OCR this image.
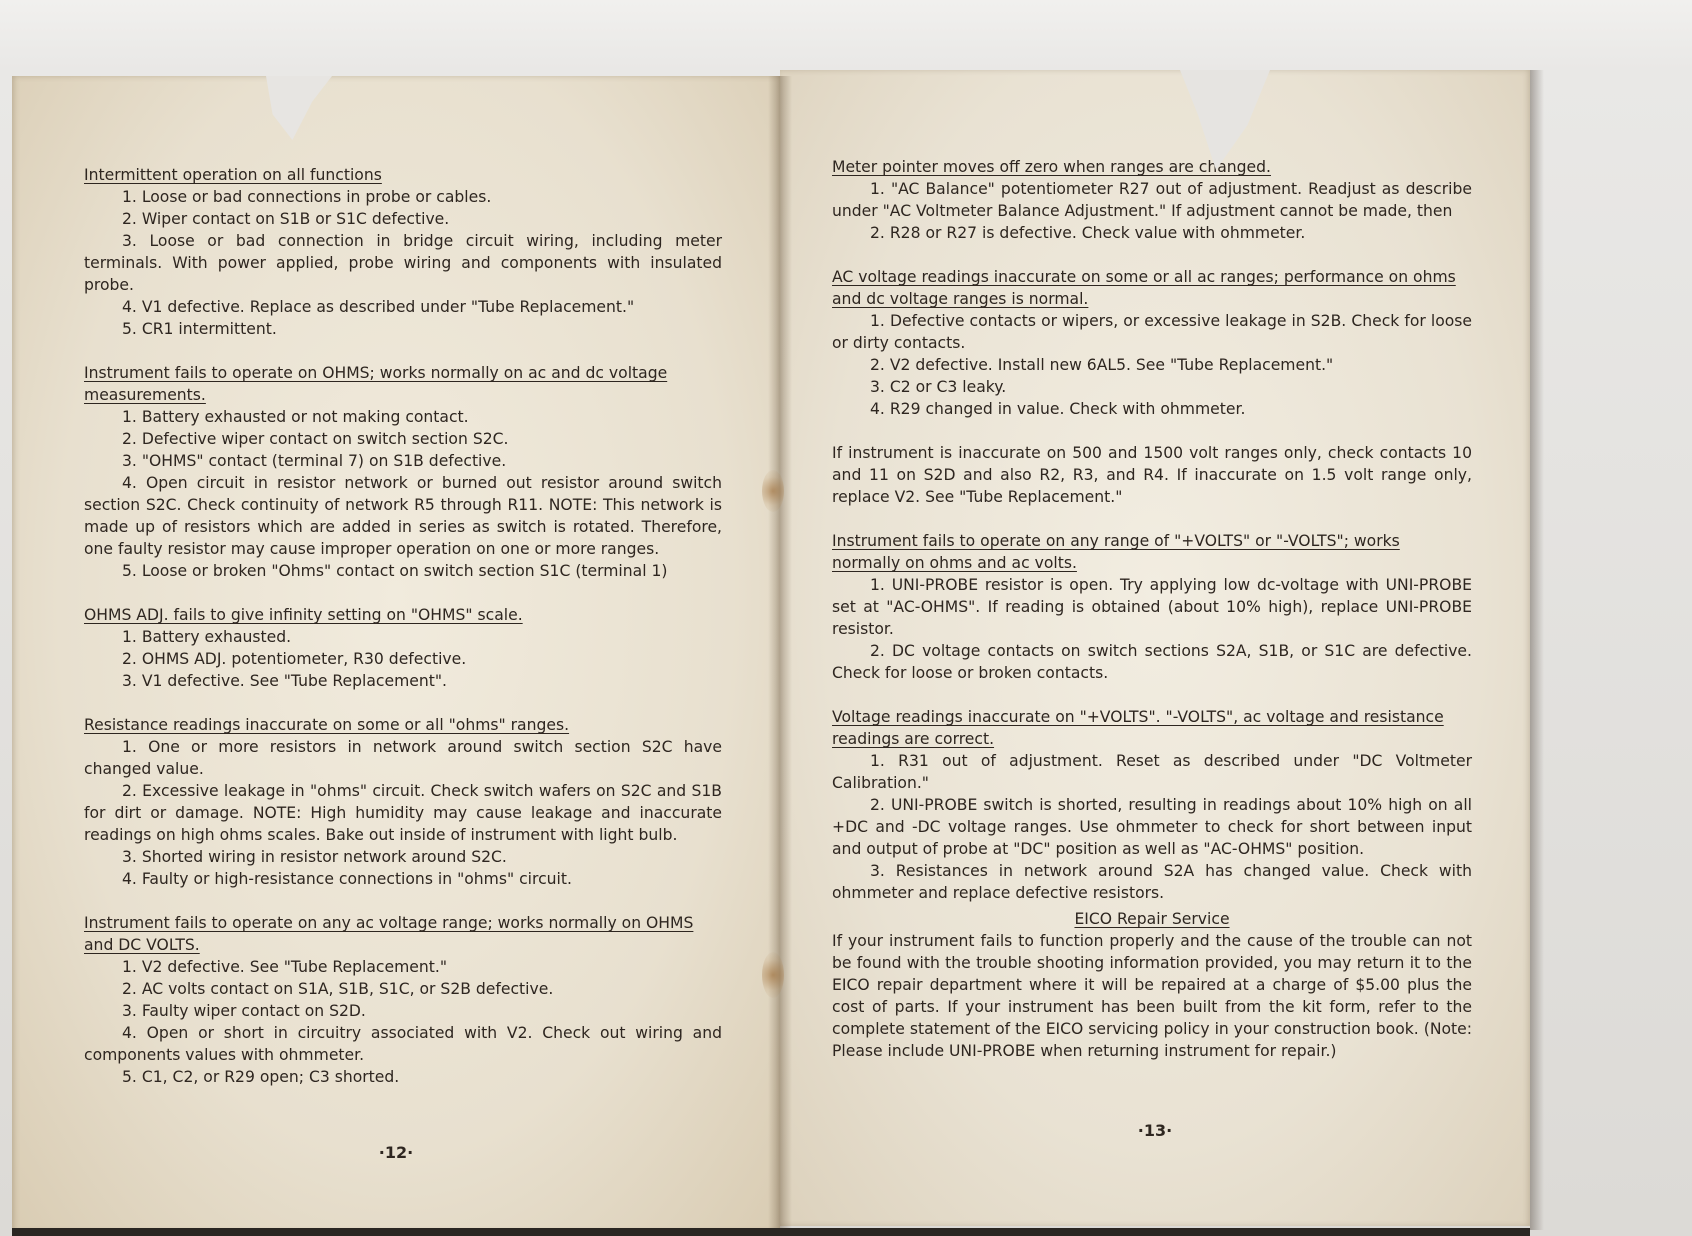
Intermittent operation on all functions

1. Loose or bad connections in probe or cables.

2. Wiper contact on S1B or S1C defective.

3. Loose or bad connection in bridge circuit wiring, including meter terminals. With power applied, probe wiring and components with insulated probe.

4. V1 defective. Replace as described under "Tube Replacement."

5. CR1 intermittent.

Instrument fails to operate on OHMS; works normally on ac and dc voltage measurements.

1. Battery exhausted or not making contact.

2. Defective wiper contact on switch section S2C.

3. "OHMS" contact (terminal 7) on S1B defective.

4. Open circuit in resistor network or burned out resistor around switch section S2C. Check continuity of network R5 through R11. NOTE: This network is made up of resistors which are added in series as switch is rotated. Therefore, one faulty resistor may cause improper operation on one or more ranges.

5. Loose or broken "Ohms" contact on switch section S1C (terminal 1)

OHMS ADJ. fails to give infinity setting on "OHMS" scale.

1. Battery exhausted.

2. OHMS ADJ. potentiometer, R30 defective.

3. V1 defective. See "Tube Replacement".

Resistance readings inaccurate on some or all "ohms" ranges.

1. One or more resistors in network around switch section S2C have changed value.

2. Excessive leakage in "ohms" circuit. Check switch wafers on S2C and S1B for dirt or damage. NOTE: High humidity may cause leakage and inaccurate readings on high ohms scales. Bake out inside of instrument with light bulb.

3. Shorted wiring in resistor network around S2C.

4. Faulty or high-resistance connections in "ohms" circuit.

Instrument fails to operate on any ac voltage range; works normally on OHMS and DC VOLTS.

1. V2 defective. See "Tube Replacement."

2. AC volts contact on S1A, S1B, S1C, or S2B defective.

3. Faulty wiper contact on S2D.

4. Open or short in circuitry associated with V2. Check out wiring and components values with ohmmeter.

5. C1, C2, or R29 open; C3 shorted.

·12·
Meter pointer moves off zero when ranges are changed.

1. "AC Balance" potentiometer R27 out of adjustment. Readjust as describe under "AC Voltmeter Balance Adjustment." If adjustment cannot be made, then

2. R28 or R27 is defective. Check value with ohmmeter.

AC voltage readings inaccurate on some or all ac ranges; performance on ohms and dc voltage ranges is normal.

1. Defective contacts or wipers, or excessive leakage in S2B. Check for loose or dirty contacts.

2. V2 defective. Install new 6AL5. See "Tube Replacement."

3. C2 or C3 leaky.

4. R29 changed in value. Check with ohmmeter.

If instrument is inaccurate on 500 and 1500 volt ranges only, check contacts 10 and 11 on S2D and also R2, R3, and R4. If inaccurate on 1.5 volt range only, replace V2. See "Tube Replacement."

Instrument fails to operate on any range of "+VOLTS" or "-VOLTS"; works normally on ohms and ac volts.

1. UNI-PROBE resistor is open. Try applying low dc-voltage with UNI-PROBE set at "AC-OHMS". If reading is obtained (about 10% high), replace UNI-PROBE resistor.

2. DC voltage contacts on switch sections S2A, S1B, or S1C are defective. Check for loose or broken contacts.

Voltage readings inaccurate on "+VOLTS". "-VOLTS", ac voltage and resistance readings are correct.

1. R31 out of adjustment. Reset as described under "DC Voltmeter Calibration."

2. UNI-PROBE switch is shorted, resulting in readings about 10% high on all +DC and -DC voltage ranges. Use ohmmeter to check for short between input and output of probe at "DC" position as well as "AC-OHMS" position.

3. Resistances in network around S2A has changed value. Check with ohmmeter and replace defective resistors.

EICO Repair Service

If your instrument fails to function properly and the cause of the trouble can not be found with the trouble shooting information provided, you may return it to the EICO repair department where it will be repaired at a charge of $5.00 plus the cost of parts. If your instrument has been built from the kit form, refer to the complete statement of the EICO servicing policy in your construction book. (Note: Please include UNI-PROBE when returning instrument for repair.)

·13·
